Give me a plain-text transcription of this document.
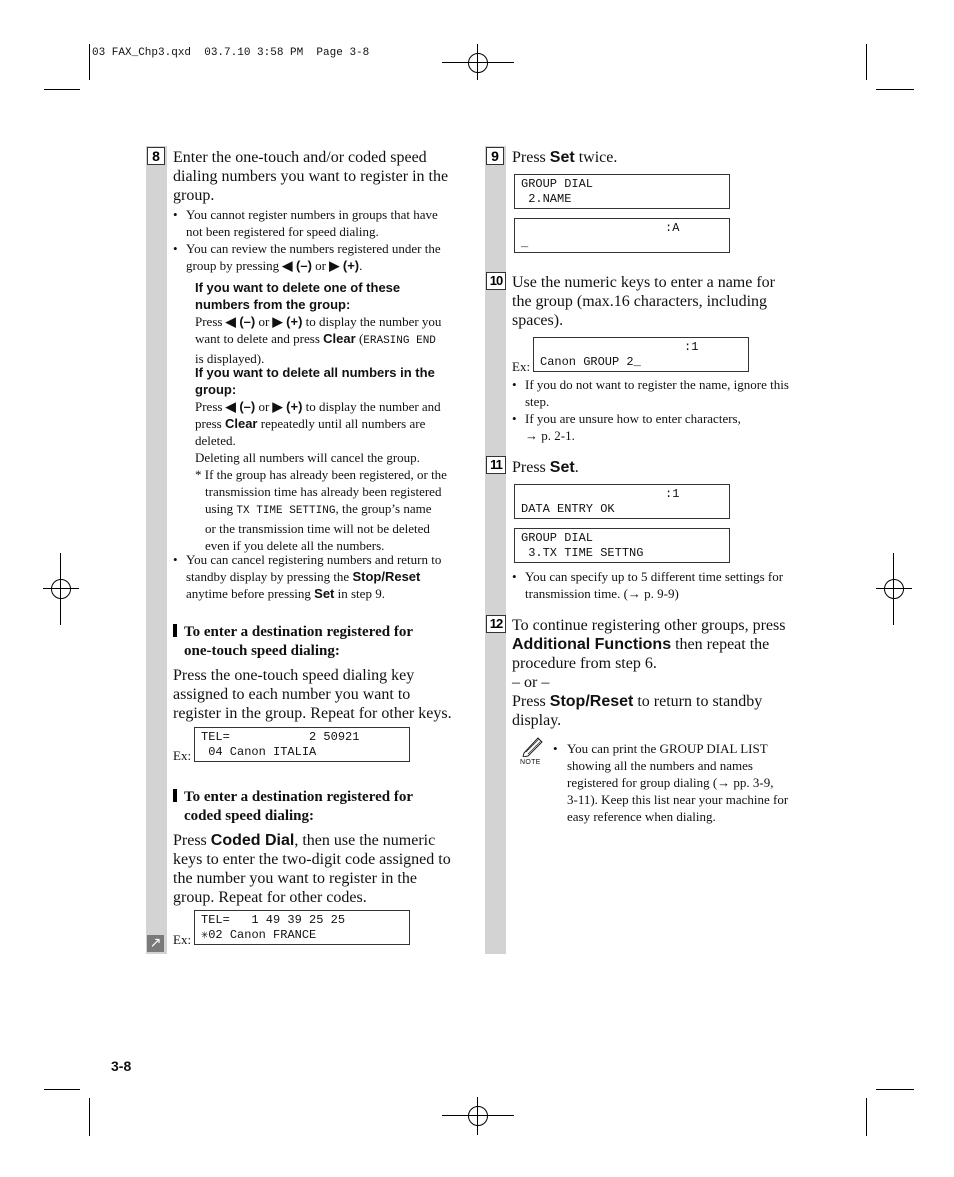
03 FAX_Chp3.qxd  03.7.10 3:58 PM  Page 3-8
8 Enter the one-touch and/or coded speed
dialing numbers you want to register in the
group.
• You cannot register numbers in groups that have
not been registered for speed dialing.
• You can review the numbers registered under the
group by pressing ◀ (–) or ▶ (+).
If you want to delete one of these
numbers from the group:
Press ◀ (–) or ▶ (+) to display the number you
want to delete and press Clear (ERASING END
is displayed).
If you want to delete all numbers in the
group:
Press ◀ (–) or ▶ (+) to display the number and
press Clear repeatedly until all numbers are
deleted.
Deleting all numbers will cancel the group.
* If the group has already been registered, or the
transmission time has already been registered
using TX TIME SETTING, the group’s name
or the transmission time will not be deleted
even if you delete all the numbers.
• You can cancel registering numbers and return to
standby display by pressing the Stop/Reset
anytime before pressing Set in step 9.
To enter a destination registered for
one-touch speed dialing:
Press the one-touch speed dialing key
assigned to each number you want to
register in the group. Repeat for other keys.
Ex:
TEL=           2 50921
04 Canon ITALIA
To enter a destination registered for
coded speed dialing:
Press Coded Dial, then use the numeric
keys to enter the two-digit code assigned to
the number you want to register in the
group. Repeat for other codes.
Ex:
TEL=   1 49 39 25 25
✳02 Canon FRANCE
↗
9 Press Set twice.
GROUP DIAL
2.NAME
:A
_
10 Use the numeric keys to enter a name for
the group (max.16 characters, including
spaces).
Ex:
:1
Canon GROUP 2_
• If you do not want to register the name, ignore this
step.
• If you are unsure how to enter characters,
→ p. 2-1.
11 Press Set.
:1
DATA ENTRY OK
GROUP DIAL
3.TX TIME SETTNG
• You can specify up to 5 different time settings for
transmission time. (→ p. 9-9)
12 To continue registering other groups, press
Additional Functions then repeat the
procedure from step 6.
– or –
Press Stop/Reset to return to standby
display.
NOTE
• You can print the GROUP DIAL LIST
showing all the numbers and names
registered for group dialing (→ pp. 3-9,
3-11). Keep this list near your machine for
easy reference when dialing.
3-8
